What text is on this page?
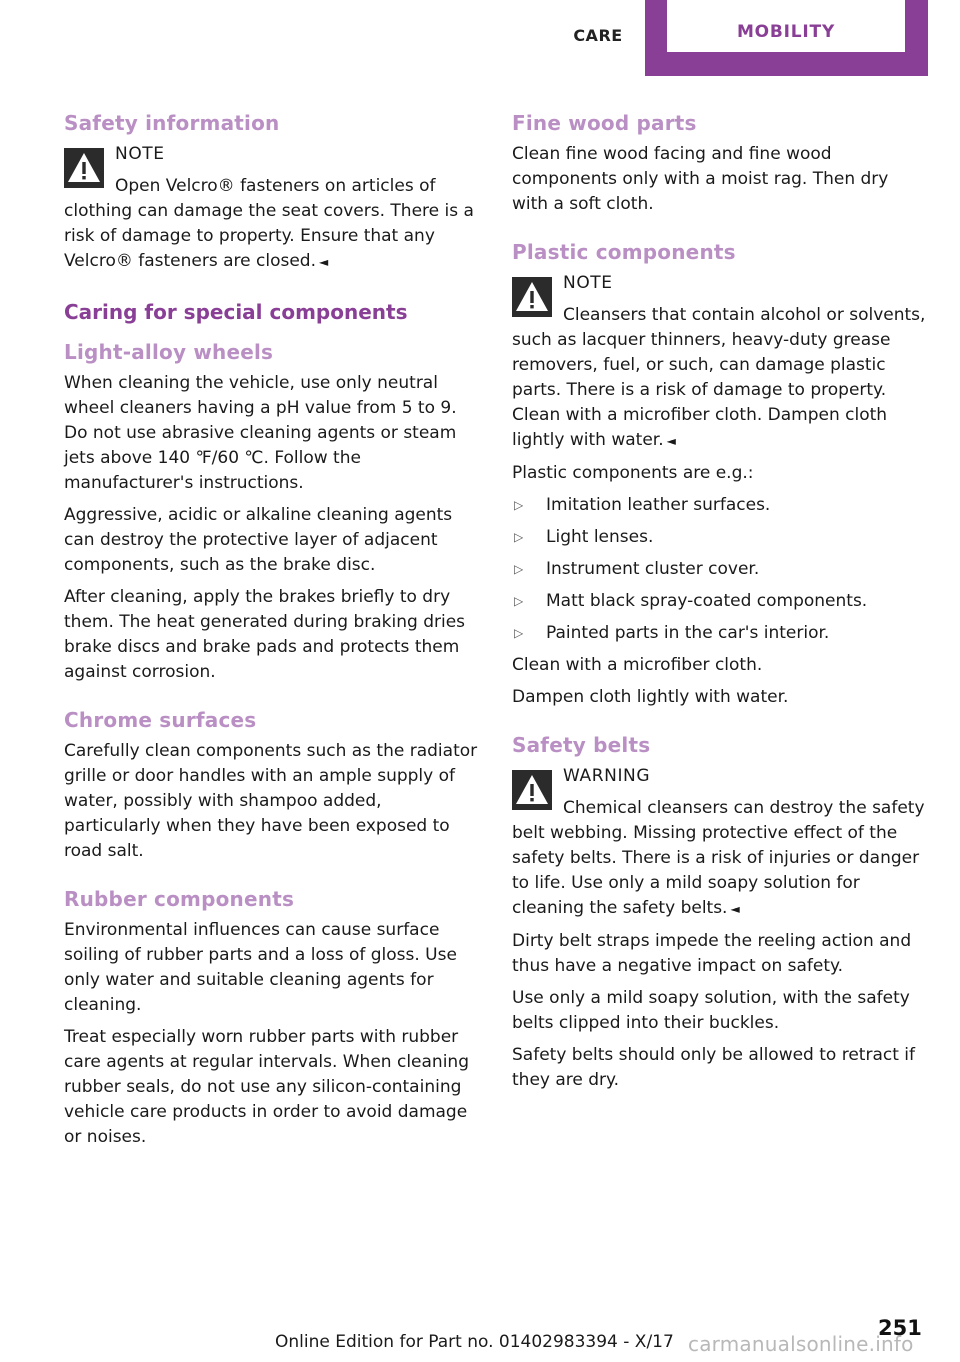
CARE	MOBILITY
Safety information
NOTE
Open Velcro® fasteners on articles of
clothing can damage the seat covers. There is a risk of damage to property. Ensure that any Velcro® fasteners are closed. ◄
Caring for special components
Light-alloy wheels

When cleaning the vehicle, use only neutral wheel cleaners having a pH value from 5 to 9. Do not use abrasive cleaning agents or steam jets above 140 ℉/60 ℃. Follow the manufacturer's instructions.

Aggressive, acidic or alkaline cleaning agents can destroy the protective layer of adjacent components, such as the brake disc.

After cleaning, apply the brakes briefly to dry them. The heat generated during braking dries brake discs and brake pads and protects them against corrosion.

Chrome surfaces

Carefully clean components such as the radiator grille or door handles with an ample supply of water, possibly with shampoo added, particularly when they have been exposed to road salt.

Rubber components

Environmental influences can cause surface soiling of rubber parts and a loss of gloss. Use only water and suitable cleaning agents for cleaning.

Treat especially worn rubber parts with rubber care agents at regular intervals. When cleaning rubber seals, do not use any silicon-containing vehicle care products in order to avoid damage or noises.

Fine wood parts

Clean fine wood facing and fine wood components only with a moist rag. Then dry with a soft cloth.

Plastic components
NOTE
Cleansers that contain alcohol or solvents,
such as lacquer thinners, heavy-duty grease removers, fuel, or such, can damage plastic parts. There is a risk of damage to property. Clean with a microfiber cloth. Dampen cloth lightly with water. ◄

Plastic components are e.g.:

▷ Imitation leather surfaces.
▷ Light lenses.
▷ Instrument cluster cover.
▷ Matt black spray-coated components.
▷ Painted parts in the car's interior.

Clean with a microfiber cloth.

Dampen cloth lightly with water.

Safety belts
WARNING
Chemical cleansers can destroy the safety
belt webbing. Missing protective effect of the safety belts. There is a risk of injuries or danger to life. Use only a mild soapy solution for cleaning the safety belts. ◄

Dirty belt straps impede the reeling action and thus have a negative impact on safety.

Use only a mild soapy solution, with the safety belts clipped into their buckles.

Safety belts should only be allowed to retract if they are dry.

251
Online Edition for Part no. 01402983394 - X/17 carmanualsonline.info
